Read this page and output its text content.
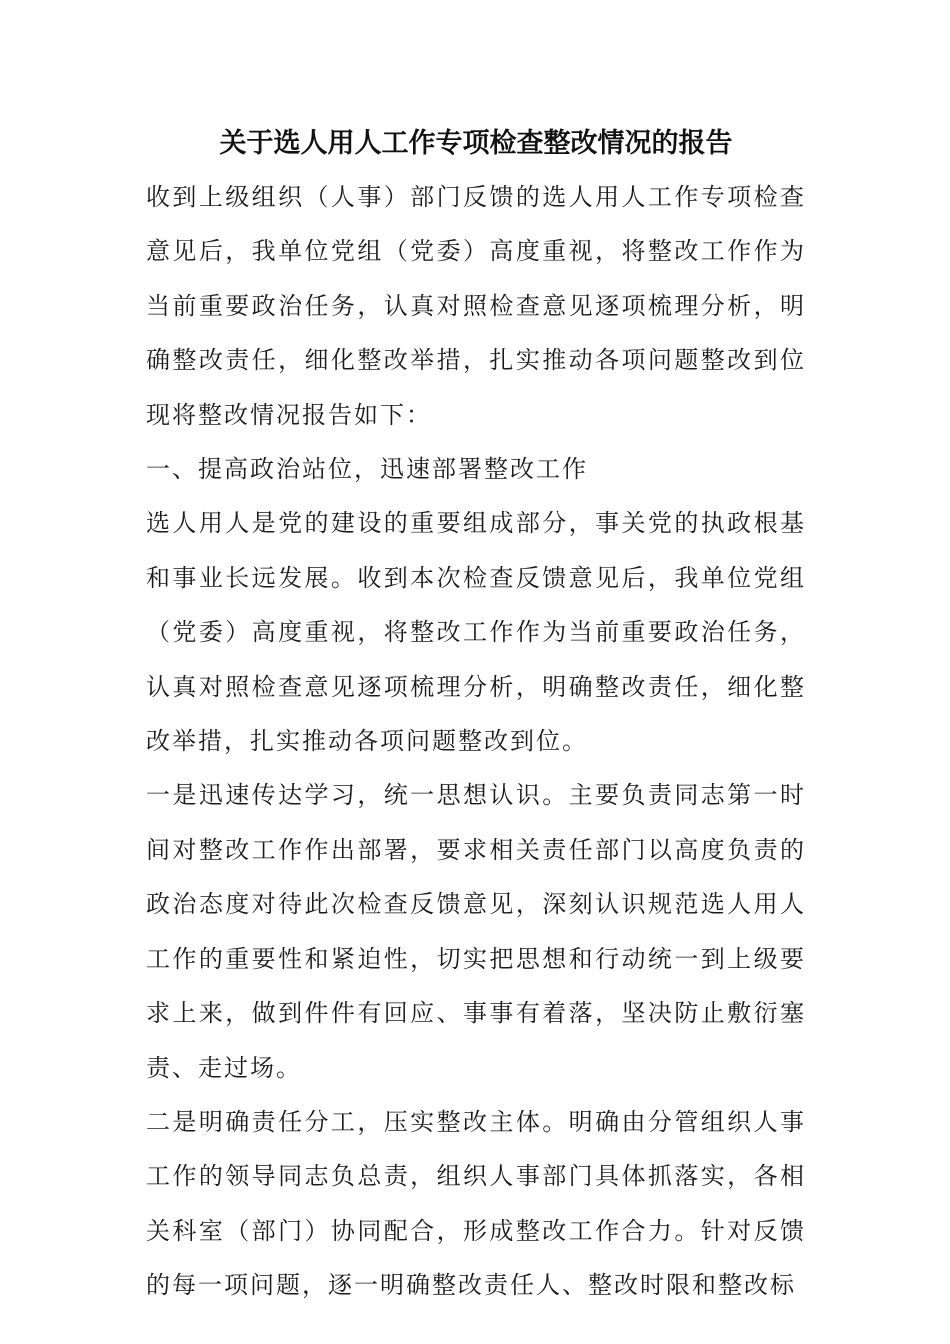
关于选人用人工作专项检查整改情况的报告

收到上级组织（人事）部门反馈的选人用人工作专项检查意见后，我单位党组（党委）高度重视，将整改工作作为当前重要政治任务，认真对照检查意见逐项梳理分析，明确整改责任，细化整改举措，扎实推动各项问题整改到位现将整改情况报告如下：

一、提高政治站位，迅速部署整改工作

选人用人是党的建设的重要组成部分，事关党的执政根基和事业长远发展。收到本次检查反馈意见后，我单位党组（党委）高度重视，将整改工作作为当前重要政治任务，认真对照检查意见逐项梳理分析，明确整改责任，细化整改举措，扎实推动各项问题整改到位。

一是迅速传达学习，统一思想认识。主要负责同志第一时间对整改工作作出部署，要求相关责任部门以高度负责的政治态度对待此次检查反馈意见，深刻认识规范选人用人工作的重要性和紧迫性，切实把思想和行动统一到上级要求上来，做到件件有回应、事事有着落，坚决防止敷衍塞责、走过场。

二是明确责任分工，压实整改主体。明确由分管组织人事工作的领导同志负总责，组织人事部门具体抓落实，各相关科室（部门）协同配合，形成整改工作合力。针对反馈的每一项问题，逐一明确整改责任人、整改时限和整改标
